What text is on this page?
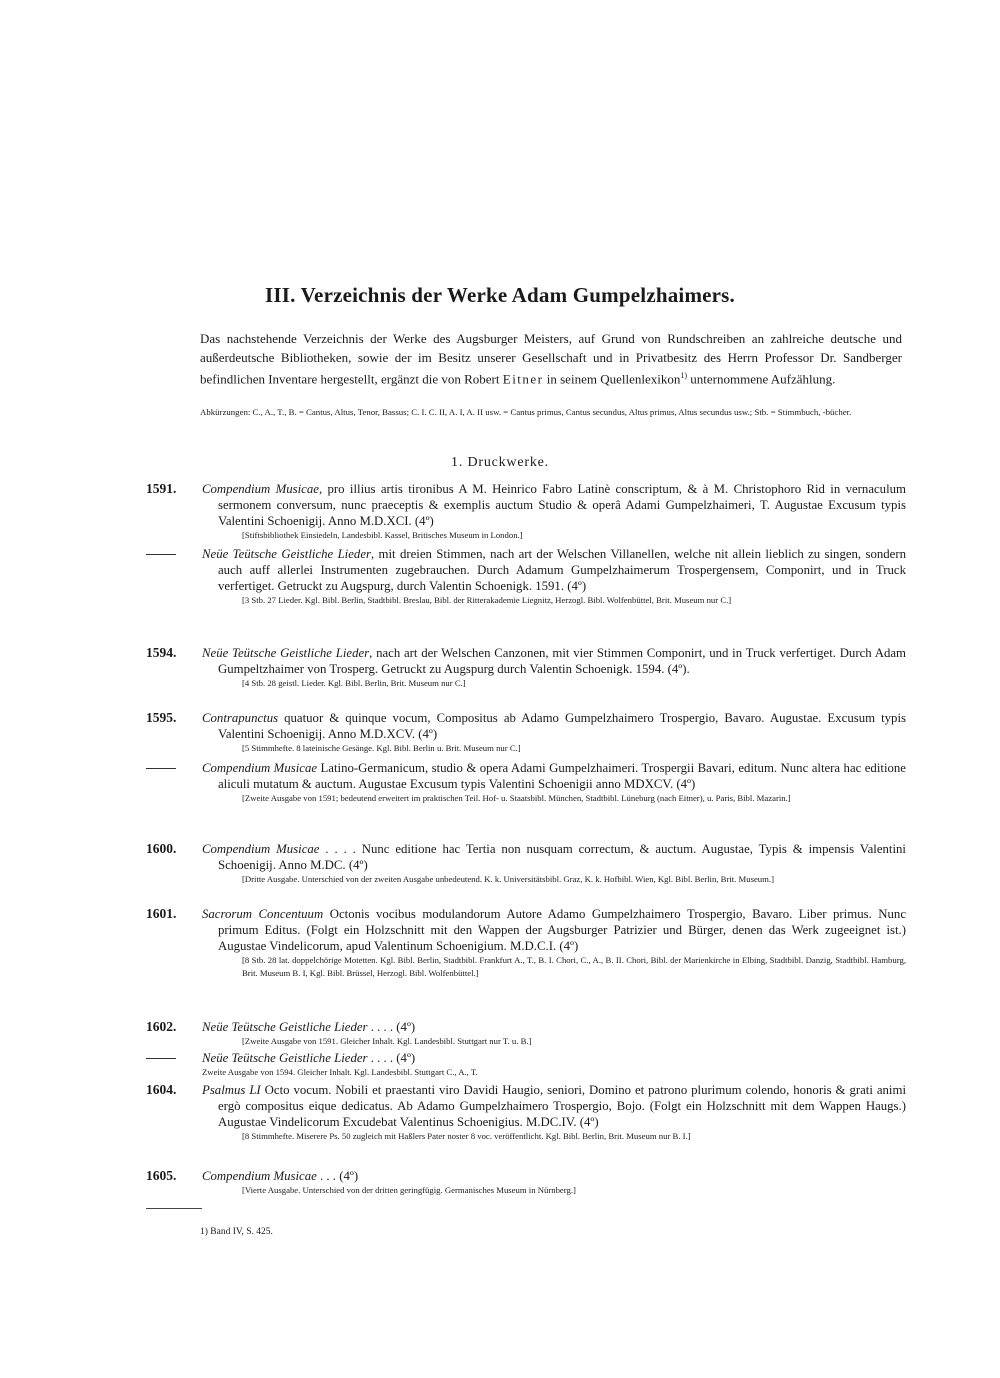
III. Verzeichnis der Werke Adam Gumpelzhaimers.

Das nachstehende Verzeichnis der Werke des Augsburger Meisters, auf Grund von Rundschreiben an zahlreiche deutsche und außerdeutsche Bibliotheken, sowie der im Besitz unserer Gesellschaft und in Privatbesitz des Herrn Professor Dr. Sandberger befindlichen Inventare hergestellt, ergänzt die von Robert Eitner in seinem Quellenlexikon$^{1)}$ unternommene Aufzählung.

Abkürzungen: C., A., T., B. = Cantus, Altus, Tenor, Bassus; C. I. C. II, A. I, A. II usw. = Cantus primus, Cantus secundus, Altus primus, Altus secundus usw.; Stb. = Stimmbuch, -bücher.

1. Druckwerke.
1591.	Compendium Musicae, pro illius artis tironibus A M. Heinrico Fabro Latinè conscriptum, & à M. Christophoro Rid in vernaculum sermonem conversum, nunc praeceptis & exemplis auctum Studio & operâ Adami Gumpelzhaimeri, T. Augustae Excusum typis Valentini Schoenigij. Anno M.D.XCI. (4º)
[Stiftsbibliothek Einsiedeln, Landesbibl. Kassel, Britisches Museum in London.]
Neüe Teütsche Geistliche Lieder, mit dreien Stimmen, nach art der Welschen Villanellen, welche nit allein lieblich zu singen, sondern auch auff allerlei Instrumenten zugebrauchen. Durch Adamum Gumpelzhaimerum Trospergensem, Componirt, und in Truck verfertiget. Getruckt zu Augspurg, durch Valentin Schoenigk. 1591. (4º)
[3 Stb. 27 Lieder. Kgl. Bibl. Berlin, Stadtbibl. Breslau, Bibl. der Ritterakademie Liegnitz, Herzogl. Bibl. Wolfenbüttel, Brit. Museum nur C.]
1594.	Neüe Teütsche Geistliche Lieder, nach art der Welschen Canzonen, mit vier Stimmen Componirt, und in Truck verfertiget. Durch Adam Gumpeltzhaimer von Trosperg. Getruckt zu Augspurg durch Valentin Schoenigk. 1594. (4º).
[4 Stb. 28 geistl. Lieder. Kgl. Bibl. Berlin, Brit. Museum nur C.]
1595.	Contrapunctus quatuor & quinque vocum, Compositus ab Adamo Gumpelzhaimero Trospergio, Bavaro. Augustae. Excusum typis Valentini Schoenigij. Anno M.D.XCV. (4º)
[5 Stimmhefte. 8 lateinische Gesänge. Kgl. Bibl. Berlin u. Brit. Museum nur C.]
Compendium Musicae Latino-Germanicum, studio & opera Adami Gumpelzhaimeri. Trospergii Bavari, editum. Nunc altera hac editione aliculi mutatum & auctum. Augustae Excusum typis Valentini Schoenigii anno MDXCV. (4º)
[Zweite Ausgabe von 1591; bedeutend erweitert im praktischen Teil. Hof- u. Staatsbibl. München, Stadtbibl. Lüneburg (nach Eitner), u. Paris, Bibl. Mazarin.]
1600.	Compendium Musicae . . . . Nunc editione hac Tertia non nusquam correctum, & auctum. Augustae, Typis & impensis Valentini Schoenigij. Anno M.DC. (4º)
[Dritte Ausgabe. Unterschied von der zweiten Ausgabe unbedeutend. K. k. Universitätsbibl. Graz, K. k. Hofbibl. Wien, Kgl. Bibl. Berlin, Brit. Museum.]
1601.	Sacrorum Concentuum Octonis vocibus modulandorum Autore Adamo Gumpelzhaimero Trospergio, Bavaro. Liber primus. Nunc primum Editus. (Folgt ein Holzschnitt mit den Wappen der Augsburger Patrizier und Bürger, denen das Werk zugeeignet ist.) Augustae Vindelicorum, apud Valentinum Schoenigium. M.D.C.I. (4º)
[8 Stb. 28 lat. doppelchörige Motetten. Kgl. Bibl. Berlin, Stadtbibl. Frankfurt A., T., B. I. Chori, C., A., B. II. Chori, Bibl. der Marienkirche in Elbing, Stadtbibl. Danzig, Stadtbibl. Hamburg, Brit. Museum B. I, Kgl. Bibl. Brüssel, Herzogl. Bibl. Wolfenbüttel.]
1602.	Neüe Teütsche Geistliche Lieder . . . . (4º)
[Zweite Ausgabe von 1591. Gleicher Inhalt. Kgl. Landesbibl. Stuttgart nur T. u. B.]
Neüe Teütsche Geistliche Lieder . . . . (4º)
Zweite Ausgabe von 1594. Gleicher Inhalt. Kgl. Landesbibl. Stuttgart C., A., T.
1604.	Psalmus LI Octo vocum. Nobili et praestanti viro Davidi Haugio, seniori, Domino et patrono plurimum colendo, honoris & grati animi ergò compositus eique dedicatus. Ab Adamo Gumpelzhaimero Trospergio, Bojo. (Folgt ein Holzschnitt mit dem Wappen Haugs.) Augustae Vindelicorum Excudebat Valentinus Schoenigius. M.DC.IV. (4º)
[8 Stimmhefte. Miserere Ps. 50 zugleich mit Haßlers Pater noster 8 voc. veröffentlicht. Kgl. Bibl. Berlin, Brit. Museum nur B. I.]
1605.	Compendium Musicae . . . (4º)
[Vierte Ausgabe. Unterschied von der dritten geringfügig. Germanisches Museum in Nürnberg.]
1) Band IV, S. 425.
